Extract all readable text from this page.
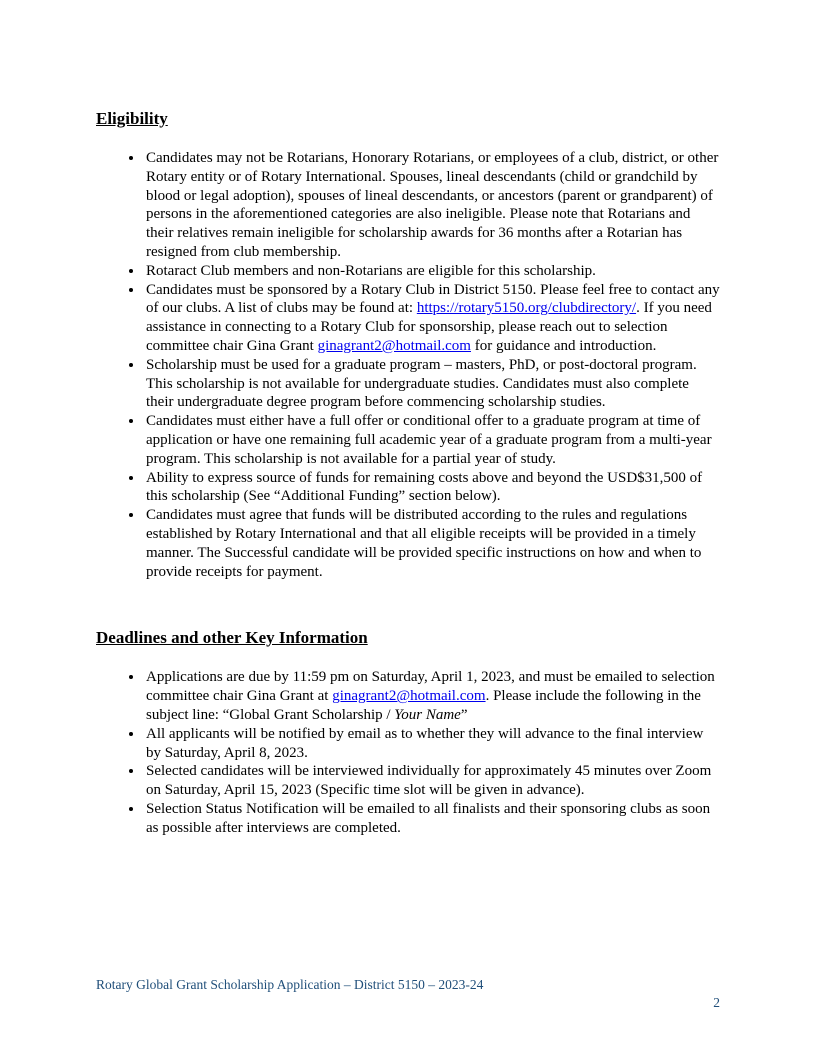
Eligibility
• Candidates may not be Rotarians, Honorary Rotarians, or employees of a club, district, or other Rotary entity or of Rotary International. Spouses, lineal descendants (child or grandchild by blood or legal adoption), spouses of lineal descendants, or ancestors (parent or grandparent) of persons in the aforementioned categories are also ineligible. Please note that Rotarians and their relatives remain ineligible for scholarship awards for 36 months after a Rotarian has resigned from club membership.
• Rotaract Club members and non-Rotarians are eligible for this scholarship.
• Candidates must be sponsored by a Rotary Club in District 5150. Please feel free to contact any of our clubs. A list of clubs may be found at: https://rotary5150.org/clubdirectory/. If you need assistance in connecting to a Rotary Club for sponsorship, please reach out to selection committee chair Gina Grant ginagrant2@hotmail.com for guidance and introduction.
• Scholarship must be used for a graduate program – masters, PhD, or post-doctoral program. This scholarship is not available for undergraduate studies. Candidates must also complete their undergraduate degree program before commencing scholarship studies.
• Candidates must either have a full offer or conditional offer to a graduate program at time of application or have one remaining full academic year of a graduate program from a multi-year program. This scholarship is not available for a partial year of study.
• Ability to express source of funds for remaining costs above and beyond the USD$31,500 of this scholarship (See “Additional Funding” section below).
• Candidates must agree that funds will be distributed according to the rules and regulations established by Rotary International and that all eligible receipts will be provided in a timely manner. The Successful candidate will be provided specific instructions on how and when to provide receipts for payment.
Deadlines and other Key Information
• Applications are due by 11:59 pm on Saturday, April 1, 2023, and must be emailed to selection committee chair Gina Grant at ginagrant2@hotmail.com. Please include the following in the subject line: “Global Grant Scholarship / Your Name”
• All applicants will be notified by email as to whether they will advance to the final interview by Saturday, April 8, 2023.
• Selected candidates will be interviewed individually for approximately 45 minutes over Zoom on Saturday, April 15, 2023 (Specific time slot will be given in advance).
• Selection Status Notification will be emailed to all finalists and their sponsoring clubs as soon as possible after interviews are completed.
Rotary Global Grant Scholarship Application – District 5150 – 2023-24
2
